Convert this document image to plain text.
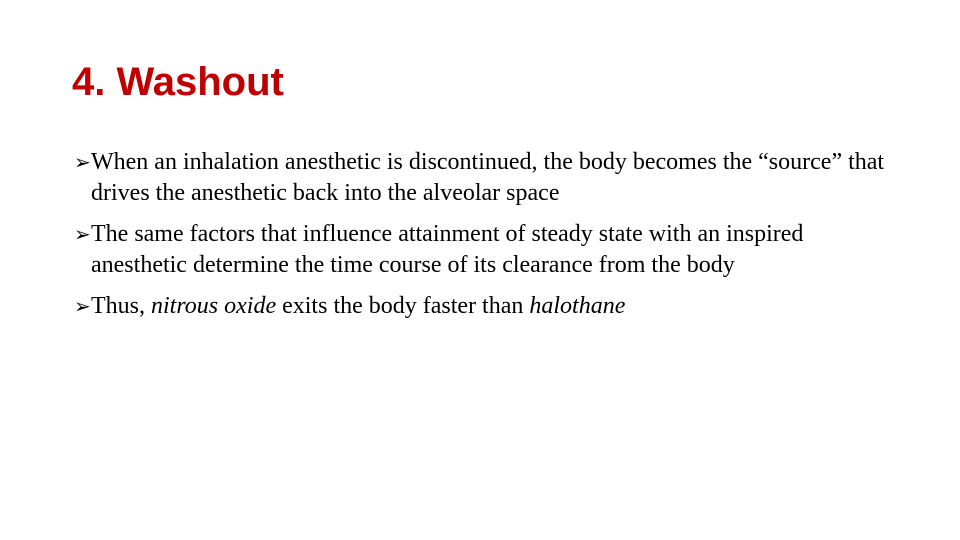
4. Washout
➢ When an inhalation anesthetic is discontinued, the body becomes the “source” that drives the anesthetic back into the alveolar space
➢ The same factors that influence attainment of steady state with an inspired anesthetic determine the time course of its clearance from the body
➢ Thus, nitrous oxide exits the body faster than halothane
